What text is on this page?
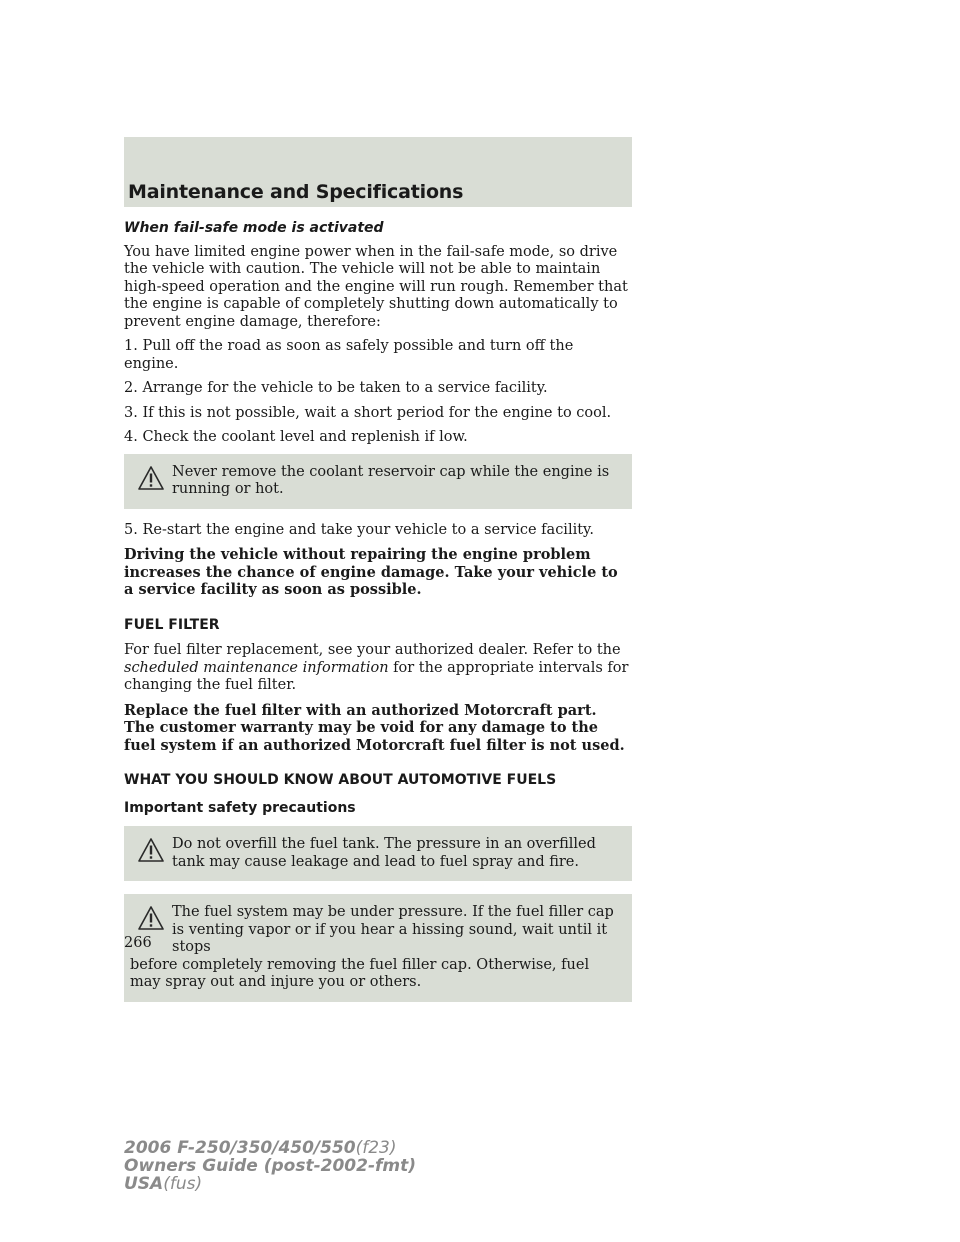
Maintenance and Specifications
When fail-safe mode is activated

You have limited engine power when in the fail-safe mode, so drive the vehicle with caution. The vehicle will not be able to maintain high-speed operation and the engine will run rough. Remember that the engine is capable of completely shutting down automatically to prevent engine damage, therefore:

1. Pull off the road as soon as safely possible and turn off the engine.

2. Arrange for the vehicle to be taken to a service facility.

3. If this is not possible, wait a short period for the engine to cool.

4. Check the coolant level and replenish if low.

Never remove the coolant reservoir cap while the engine is running or hot.

5. Re-start the engine and take your vehicle to a service facility.

Driving the vehicle without repairing the engine problem increases the chance of engine damage. Take your vehicle to a service facility as soon as possible.

FUEL FILTER

For fuel filter replacement, see your authorized dealer. Refer to the scheduled maintenance information for the appropriate intervals for changing the fuel filter.

Replace the fuel filter with an authorized Motorcraft part. The customer warranty may be void for any damage to the fuel system if an authorized Motorcraft fuel filter is not used.

WHAT YOU SHOULD KNOW ABOUT AUTOMOTIVE FUELS
Important safety precautions
Do not overfill the fuel tank. The pressure in an overfilled tank may cause leakage and lead to fuel spray and fire.
The fuel system may be under pressure. If the fuel filler cap is venting vapor or if you hear a hissing sound, wait until it stops
before completely removing the fuel filler cap. Otherwise, fuel may spray out and injure you or others.
266
2006 F-250/350/450/550(f23)
Owners Guide (post-2002-fmt)
USA(fus)
